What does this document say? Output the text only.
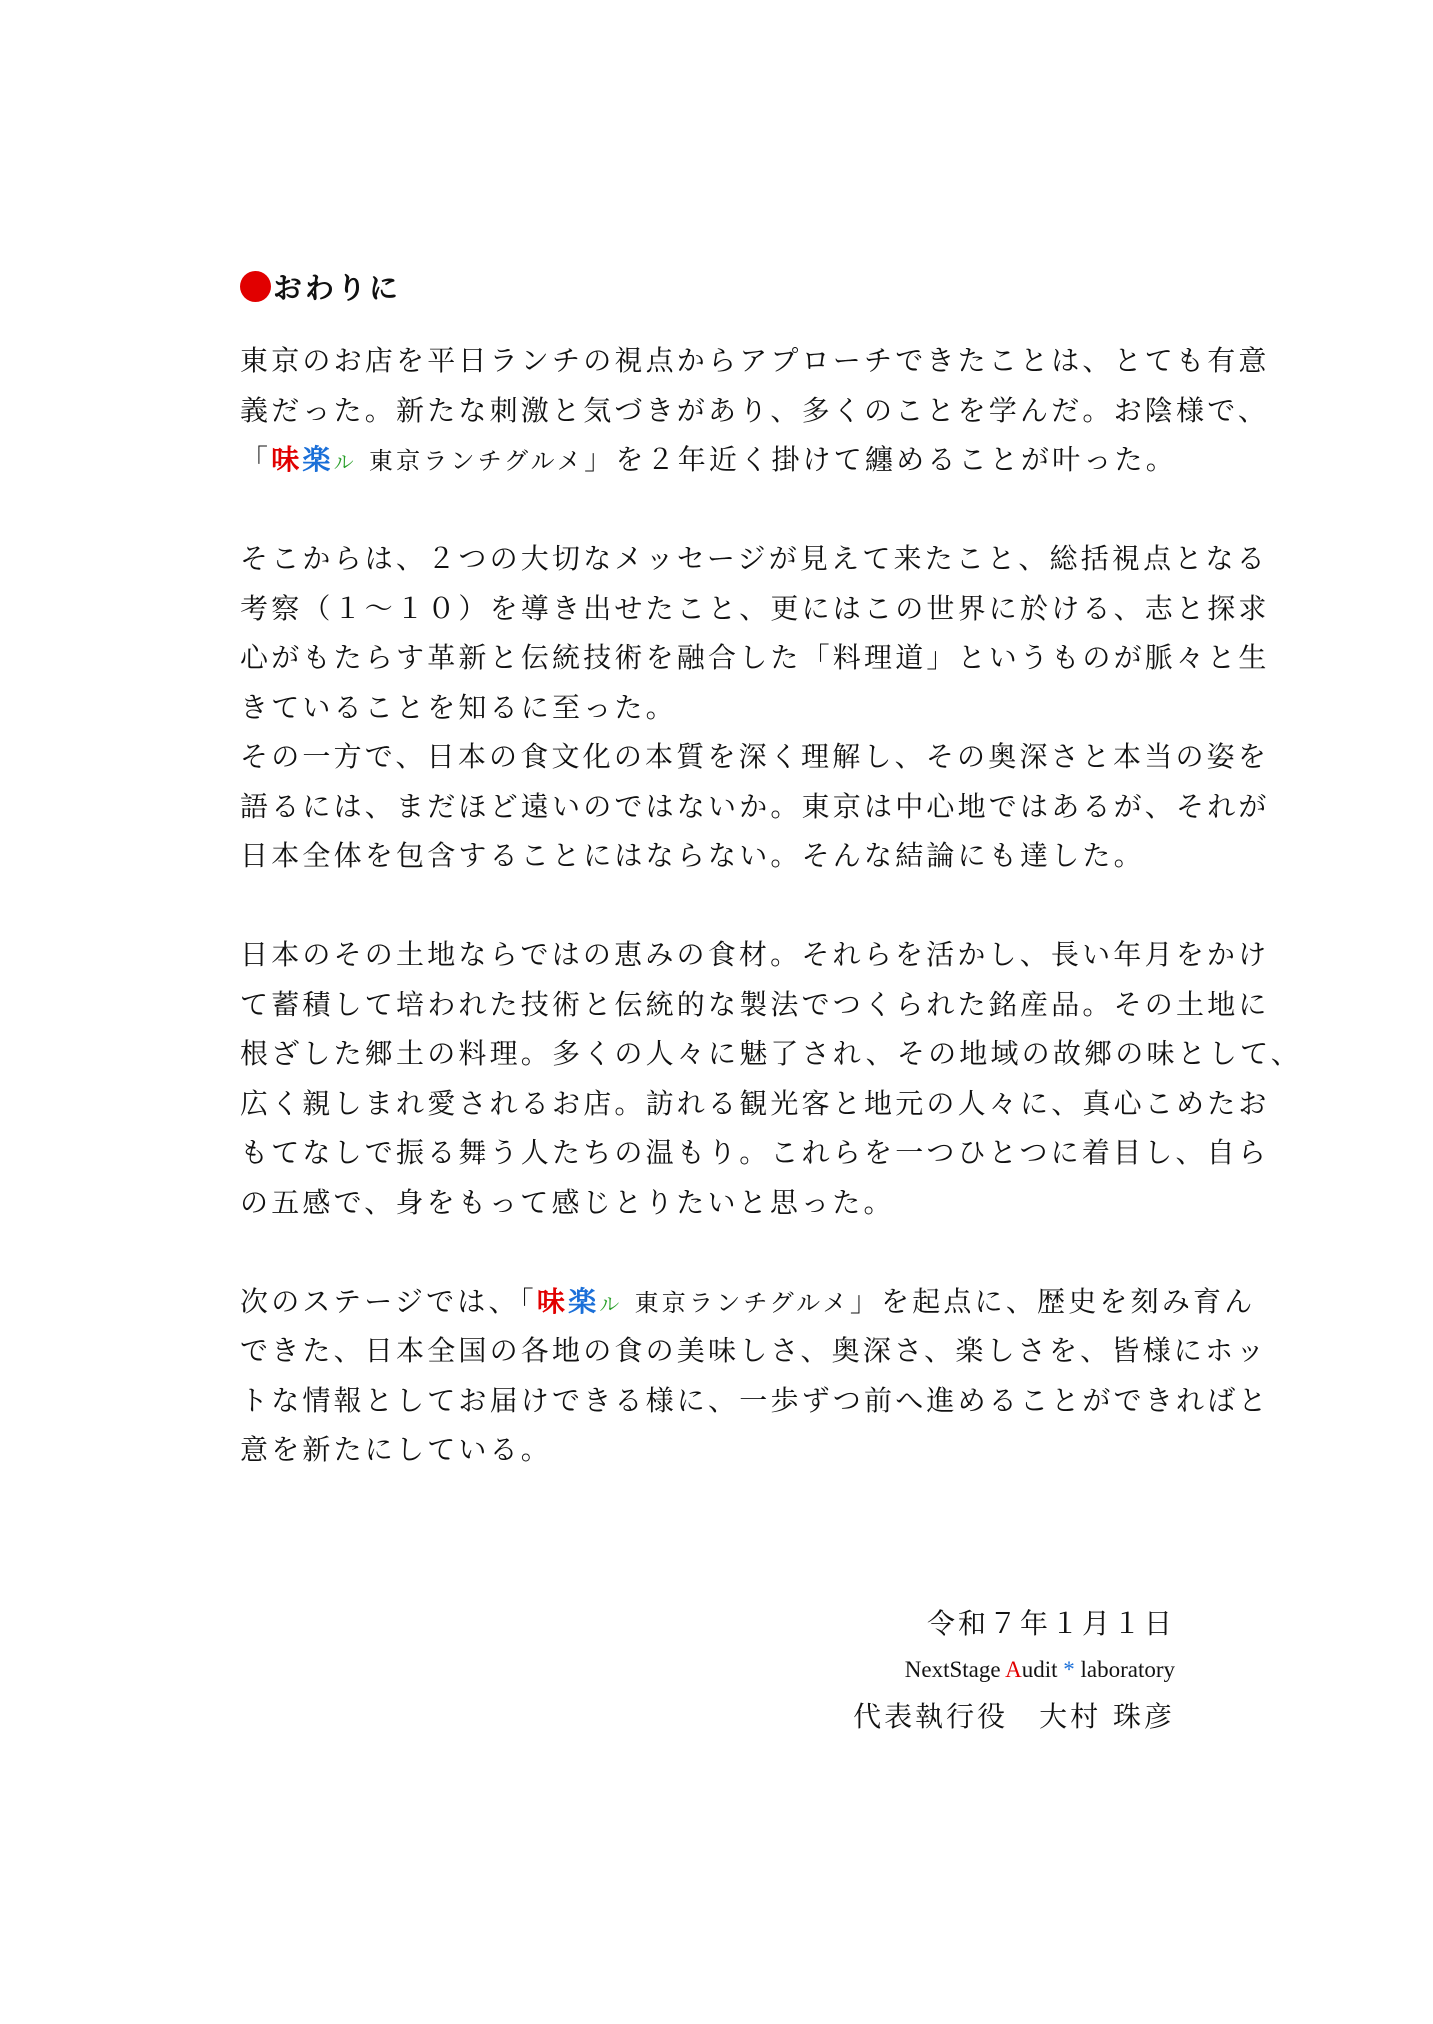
おわりに
東京のお店を平日ランチの視点からアプローチできたことは、とても有意
義だった。新たな刺激と気づきがあり、多くのことを学んだ。お陰様で、
「味楽ル 東京ランチグルメ」を２年近く掛けて纏めることが叶った。
そこからは、２つの大切なメッセージが見えて来たこと、総括視点となる
考察（１～１０）を導き出せたこと、更にはこの世界に於ける、志と探求
心がもたらす革新と伝統技術を融合した「料理道」というものが脈々と生
きていることを知るに至った。
その一方で、日本の食文化の本質を深く理解し、その奥深さと本当の姿を
語るには、まだほど遠いのではないか。東京は中心地ではあるが、それが
日本全体を包含することにはならない。そんな結論にも達した。
日本のその土地ならではの恵みの食材。それらを活かし、長い年月をかけ
て蓄積して培われた技術と伝統的な製法でつくられた銘産品。その土地に
根ざした郷土の料理。多くの人々に魅了され、その地域の故郷の味として、
広く親しまれ愛されるお店。訪れる観光客と地元の人々に、真心こめたお
もてなしで振る舞う人たちの温もり。これらを一つひとつに着目し、自ら
の五感で、身をもって感じとりたいと思った。
次のステージでは、「味楽ル 東京ランチグルメ」を起点に、歴史を刻み育ん
できた、日本全国の各地の食の美味しさ、奥深さ、楽しさを、皆様にホッ
トな情報としてお届けできる様に、一歩ずつ前へ進めることができればと
意を新たにしている。
令和７年１月１日
NextStage Audit * laboratory
代表執行役　大村 珠彦
